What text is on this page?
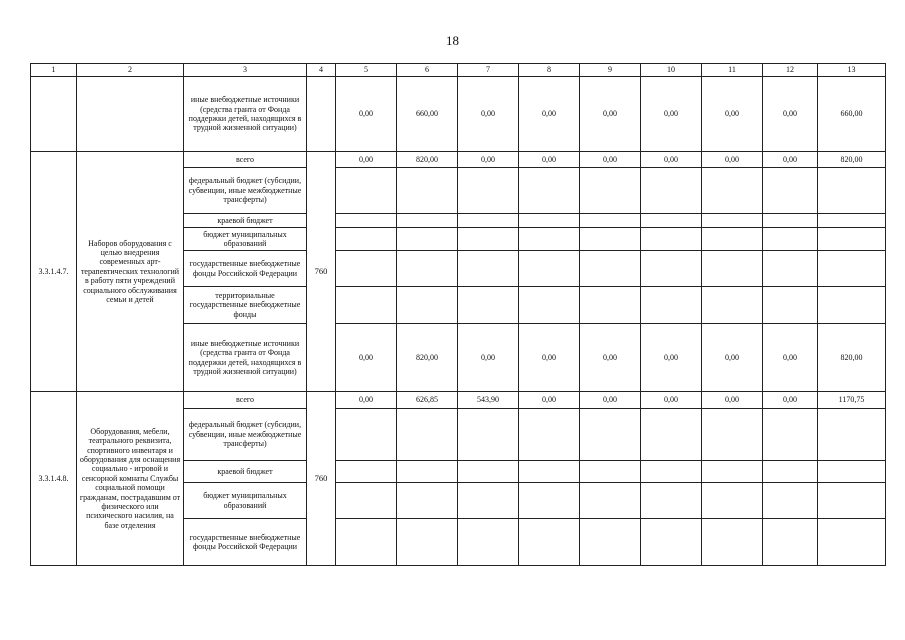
18
1	2	3	4	5	6	7	8	9	10	11	12	13
		иные внебюджетные источники (средства гранта от Фонда поддержки детей, находящихся в трудной жизненной ситуации)		0,00	660,00	0,00	0,00	0,00	0,00	0,00	0,00	660,00
3.3.1.4.7.	Наборов оборудования с целью внедрения современных арт-терапевтических технологий в работу пяти учреждений социального обслуживания семьи и детей	всего	760	0,00	820,00	0,00	0,00	0,00	0,00	0,00	0,00	820,00
		федеральный бюджет (субсидии, субвенции, иные межбюджетные трансферты)										
		краевой бюджет										
		бюджет муниципальных образований										
		государственные внебюджетные фонды Российской Федерации										
		территориальные государственные внебюджетные фонды										
		иные внебюджетные источники (средства гранта от Фонда поддержки детей, находящихся в трудной жизненной ситуации)		0,00	820,00	0,00	0,00	0,00	0,00	0,00	0,00	820,00
3.3.1.4.8.	Оборудования, мебели, театрального реквизита, спортивного инвентаря и оборудования для оснащения социально - игровой и сенсорной комнаты Службы социальной помощи гражданам, пострадавшим от физического или психического насилия, на базе отделения	всего	760	0,00	626,85	543,90	0,00	0,00	0,00	0,00	0,00	1170,75
		федеральный бюджет (субсидии, субвенции, иные межбюджетные трансферты)										
		краевой бюджет										
		бюджет муниципальных образований										
		государственные внебюджетные фонды Российской Федерации										
